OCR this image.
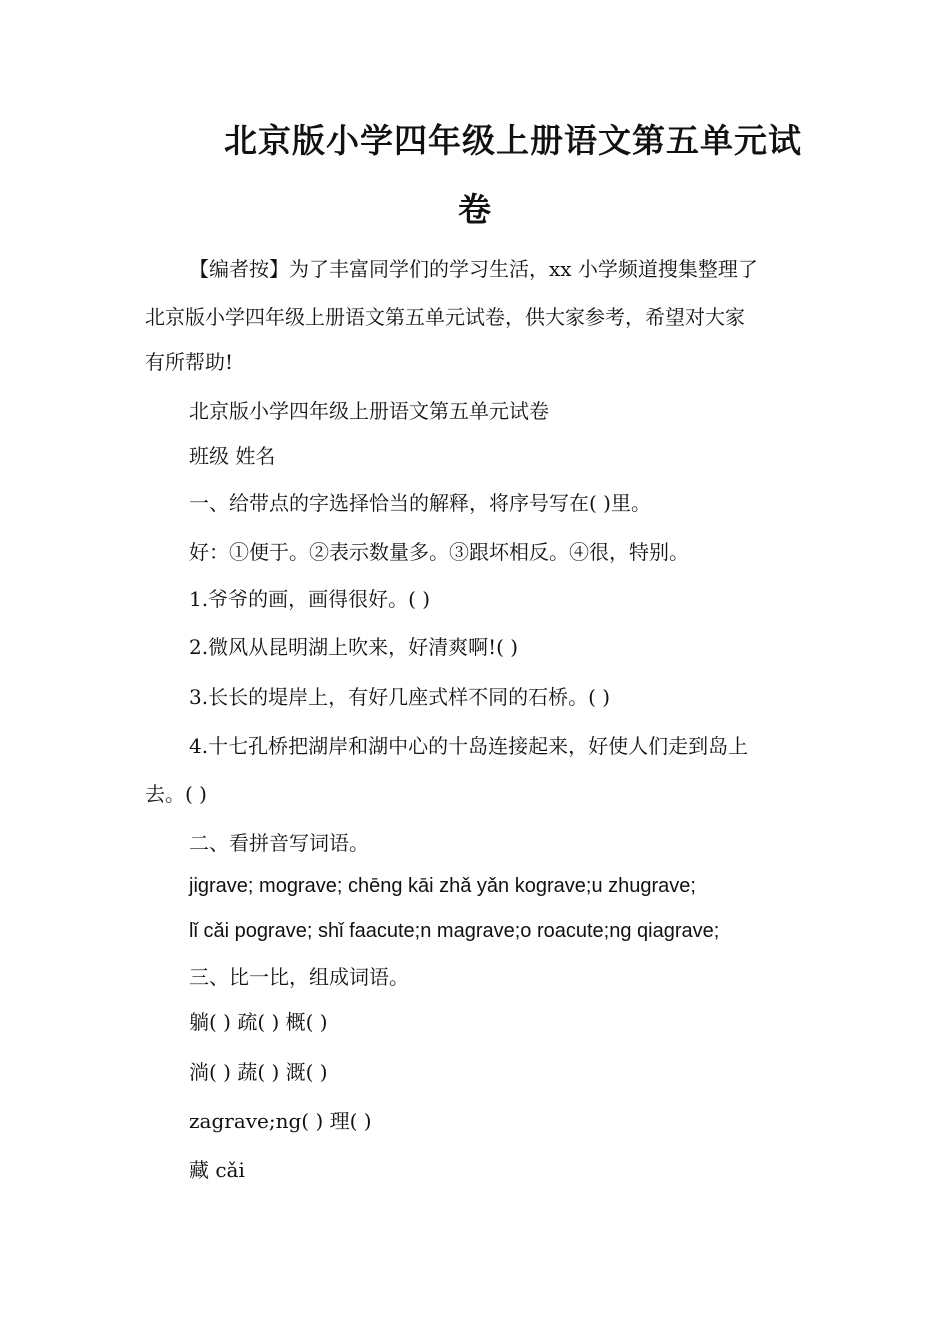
北京版小学四年级上册语文第五单元试
卷
【编者按】为了丰富同学们的学习生活，xx 小学频道搜集整理了
北京版小学四年级上册语文第五单元试卷，供大家参考，希望对大家
有所帮助!
北京版小学四年级上册语文第五单元试卷
班级 姓名
一、给带点的字选择恰当的解释，将序号写在( )里。
好：①便于。②表示数量多。③跟坏相反。④很，特别。
1.爷爷的画，画得很好。( )
2.微风从昆明湖上吹来，好清爽啊!( )
3.长长的堤岸上，有好几座式样不同的石桥。( )
4.十七孔桥把湖岸和湖中心的十岛连接起来，好使人们走到岛上
去。( )
二、看拼音写词语。
jigrave; mograve; chēng kāi zhǎ yǎn kograve;u zhugrave;
lǐ cǎi pograve; shǐ faacute;n magrave;o roacute;ng qiagrave;
三、比一比，组成词语。
躺( ) 疏( ) 概( )
淌( ) 蔬( ) 溉( )
zagrave;ng( ) 理( )
藏 cǎi
